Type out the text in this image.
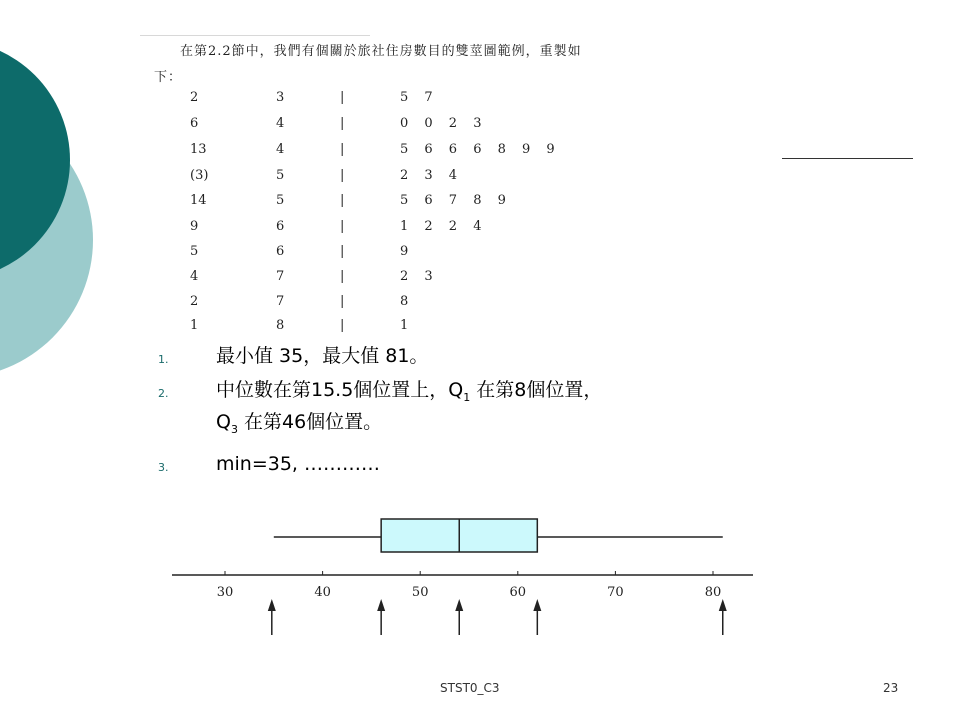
在第2.2節中，我們有個關於旅社住房數目的雙莖圖範例，重製如
下：
2	3	|	5 7
6	4	|	0 0 2 3
13	4	|	5 6 6 6 8 9 9
(3)	5	|	2 3 4
14	5	|	5 6 7 8 9
9	6	|	1 2 2 4
5	6	|	9
4	7	|	2 3
2	7	|	8
1	8	|	1
1.	最小值 35，最大值 81。
2.	中位數在第15.5個位置上，$Q_1$ 在第8個位置，
$Q_3$ 在第46個位置。
3.	min=35, …………
30	40	50	60	70	80
STST0_C3	23
